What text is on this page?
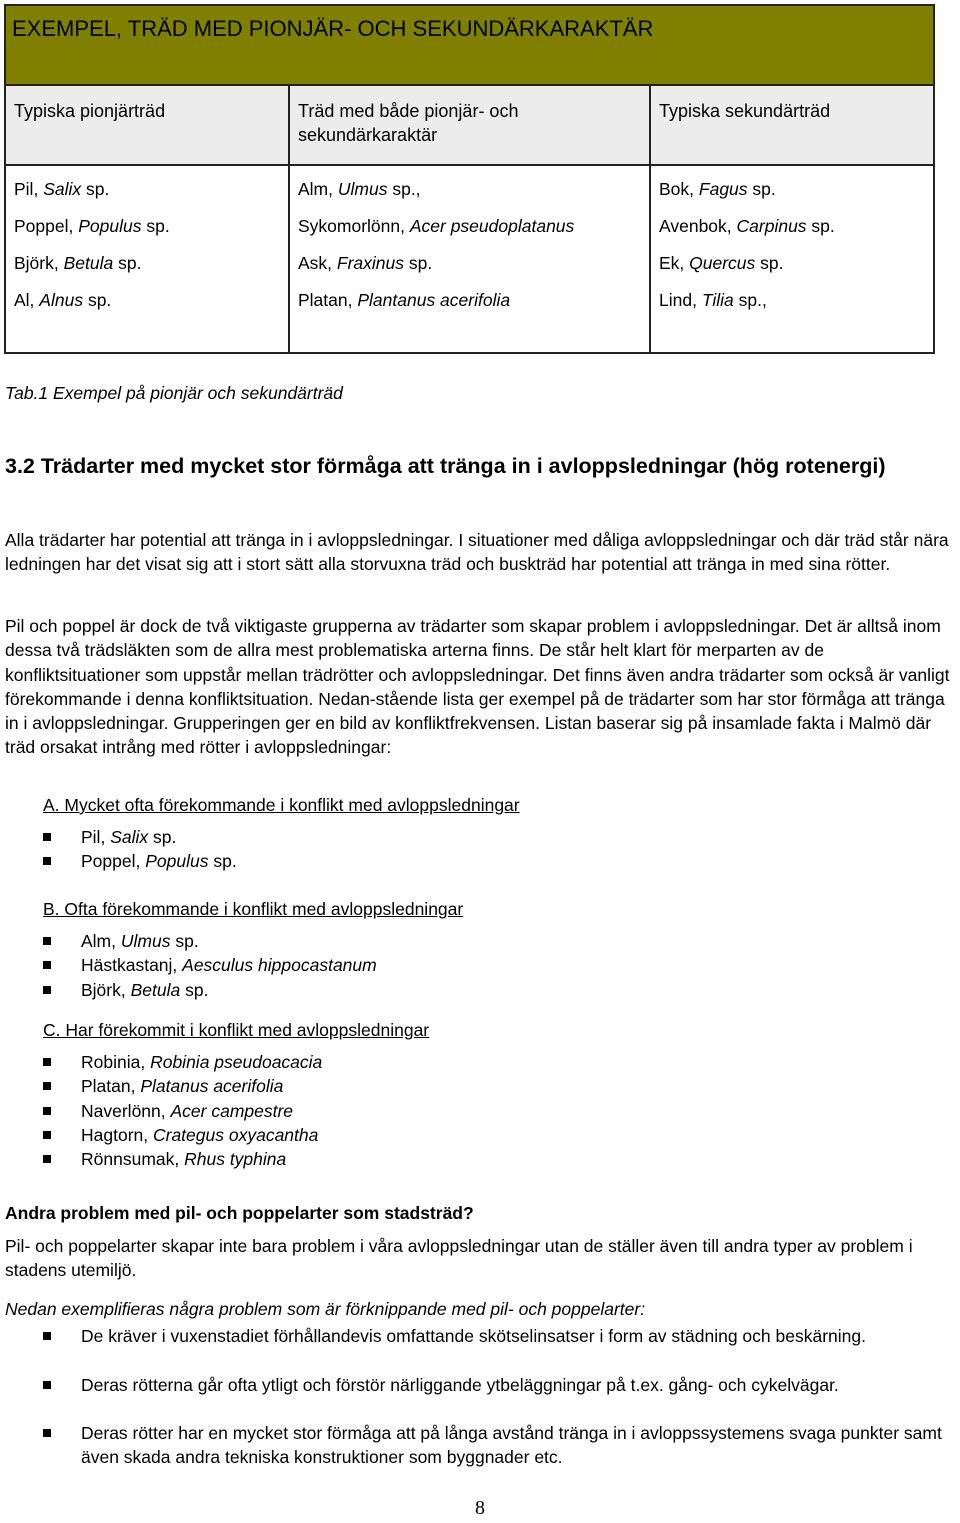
EXEMPEL, TRÄD MED PIONJÄR- OCH SEKUNDÄRKARAKTÄR
Typiska pionjärträd	Träd med både pionjär- och sekundärkaraktär
Typiska sekundärträd
Pil, Salix sp.
Poppel, Populus sp.
Björk, Betula sp.
Al, Alnus sp.
Alm, Ulmus sp.,
Sykomorlönn, Acer pseudoplatanus
Ask, Fraxinus sp.
Platan, Plantanus acerifolia
Bok, Fagus sp.
Avenbok, Carpinus sp.
Ek, Quercus sp.
Lind, Tilia sp.,
Tab.1 Exempel på pionjär och sekundärträd
3.2 Trädarter med mycket stor förmåga att tränga in i avloppsledningar (hög rotenergi)
Alla trädarter har potential att tränga in i avloppsledningar. I situationer med dåliga avloppsledningar och där träd står nära ledningen har det visat sig att i stort sätt alla storvuxna träd och buskträd har potential att tränga in med sina rötter.
Pil och poppel är dock de två viktigaste grupperna av trädarter som skapar problem i avloppsledningar. Det är alltså inom dessa två trädsläkten som de allra mest problematiska arterna finns. De står helt klart för merparten av de konfliktsituationer som uppstår mellan trädrötter och avloppsledningar. Det finns även andra trädarter som också är vanligt förekommande i denna konfliktsituation. Nedan-stående lista ger exempel på de trädarter som har stor förmåga att tränga in i avloppsledningar. Grupperingen ger en bild av konfliktfrekvensen. Listan baserar sig på insamlade fakta i Malmö där träd orsakat intrång med rötter i avloppsledningar:
A. Mycket ofta förekommande i konflikt med avloppsledningar
Pil, Salix sp.
Poppel, Populus sp.
B. Ofta förekommande i konflikt med avloppsledningar
Alm, Ulmus sp.
Hästkastanj, Aesculus hippocastanum
Björk, Betula sp.
C. Har förekommit i konflikt med avloppsledningar
Robinia, Robinia pseudoacacia
Platan, Platanus acerifolia
Naverlönn, Acer campestre
Hagtorn, Crategus oxyacantha
Rönnsumak, Rhus typhina
Andra problem med pil- och poppelarter som stadsträd?
Pil- och poppelarter skapar inte bara problem i våra avloppsledningar utan de ställer även till andra typer av problem i stadens utemiljö.
Nedan exemplifieras några problem som är förknippande med pil- och poppelarter:
De kräver i vuxenstadiet förhållandevis omfattande skötselinsatser i form av städning och beskärning.
Deras rötterna går ofta ytligt och förstör närliggande ytbeläggningar på t.ex. gång- och cykelvägar.
Deras rötter har en mycket stor förmåga att på långa avstånd tränga in i avloppssystemens svaga punkter samt även skada andra tekniska konstruktioner som byggnader etc.
8
